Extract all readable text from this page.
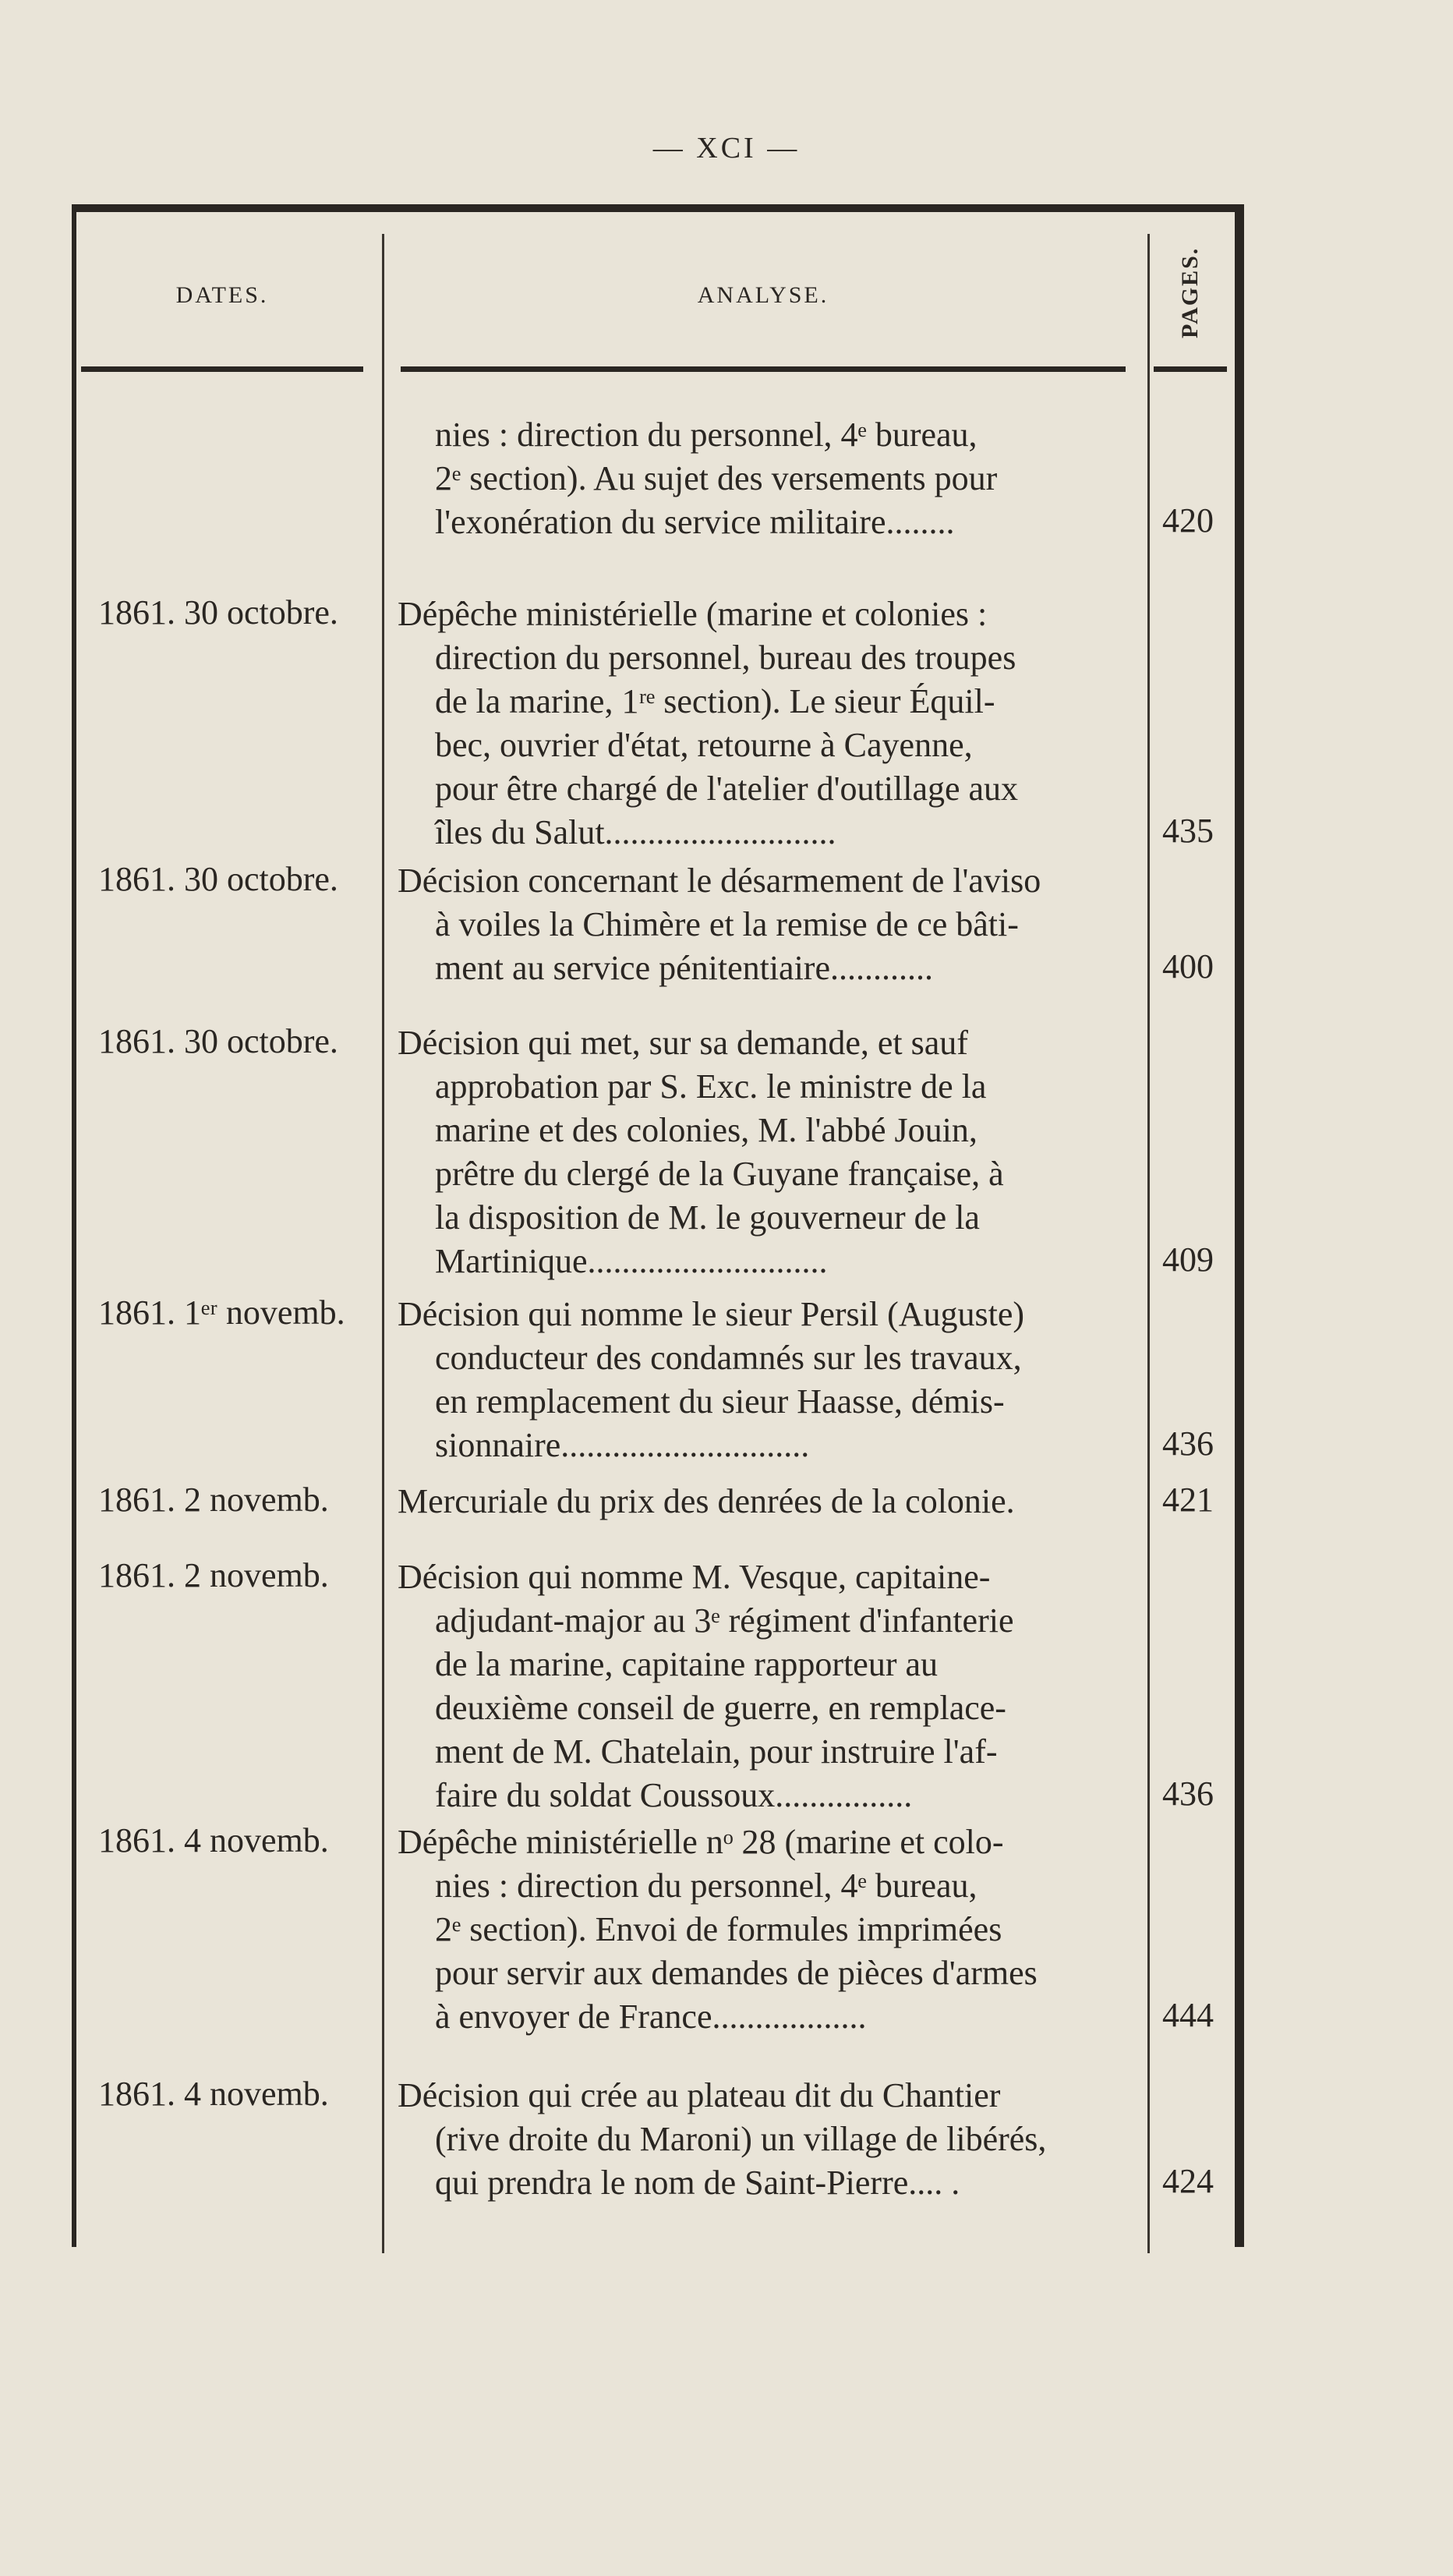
— XCI —
DATES.	ANALYSE.	PAGES.
nies : direction du personnel, 4ᵉ bureau,
2ᵉ section). Au sujet des versements pour
l'exonération du service militaire........	420
1861. 30 octobre.	Dépêche ministérielle (marine et colonies :
direction du personnel, bureau des troupes
de la marine, 1ʳᵉ section). Le sieur Équil-
bec, ouvrier d'état, retourne à Cayenne,
pour être chargé de l'atelier d'outillage aux
îles du Salut...........................	435
1861. 30 octobre.	Décision concernant le désarmement de l'aviso
à voiles la Chimère et la remise de ce bâti-
ment au service pénitentiaire............	400
1861. 30 octobre.	Décision qui met, sur sa demande, et sauf
approbation par S. Exc. le ministre de la
marine et des colonies, M. l'abbé Jouin,
prêtre du clergé de la Guyane française, à
la disposition de M. le gouverneur de la
Martinique............................	409
1861. 1ᵉʳ novemb.	Décision qui nomme le sieur Persil (Auguste)
conducteur des condamnés sur les travaux,
en remplacement du sieur Haasse, démis-
sionnaire.............................	436
1861. 2 novemb.	Mercuriale du prix des denrées de la colonie.	421
1861. 2 novemb.	Décision qui nomme M. Vesque, capitaine-
adjudant-major au 3ᵉ régiment d'infanterie
de la marine, capitaine rapporteur au
deuxième conseil de guerre, en remplace-
ment de M. Chatelain, pour instruire l'af-
faire du soldat Coussoux................	436
1861. 4 novemb.	Dépêche ministérielle nᵒ 28 (marine et colo-
nies : direction du personnel, 4ᵉ bureau,
2ᵉ section). Envoi de formules imprimées
pour servir aux demandes de pièces d'armes
à envoyer de France..................	444
1861. 4 novemb.	Décision qui crée au plateau dit du Chantier
(rive droite du Maroni) un village de libérés,
qui prendra le nom de Saint-Pierre.... .	424
